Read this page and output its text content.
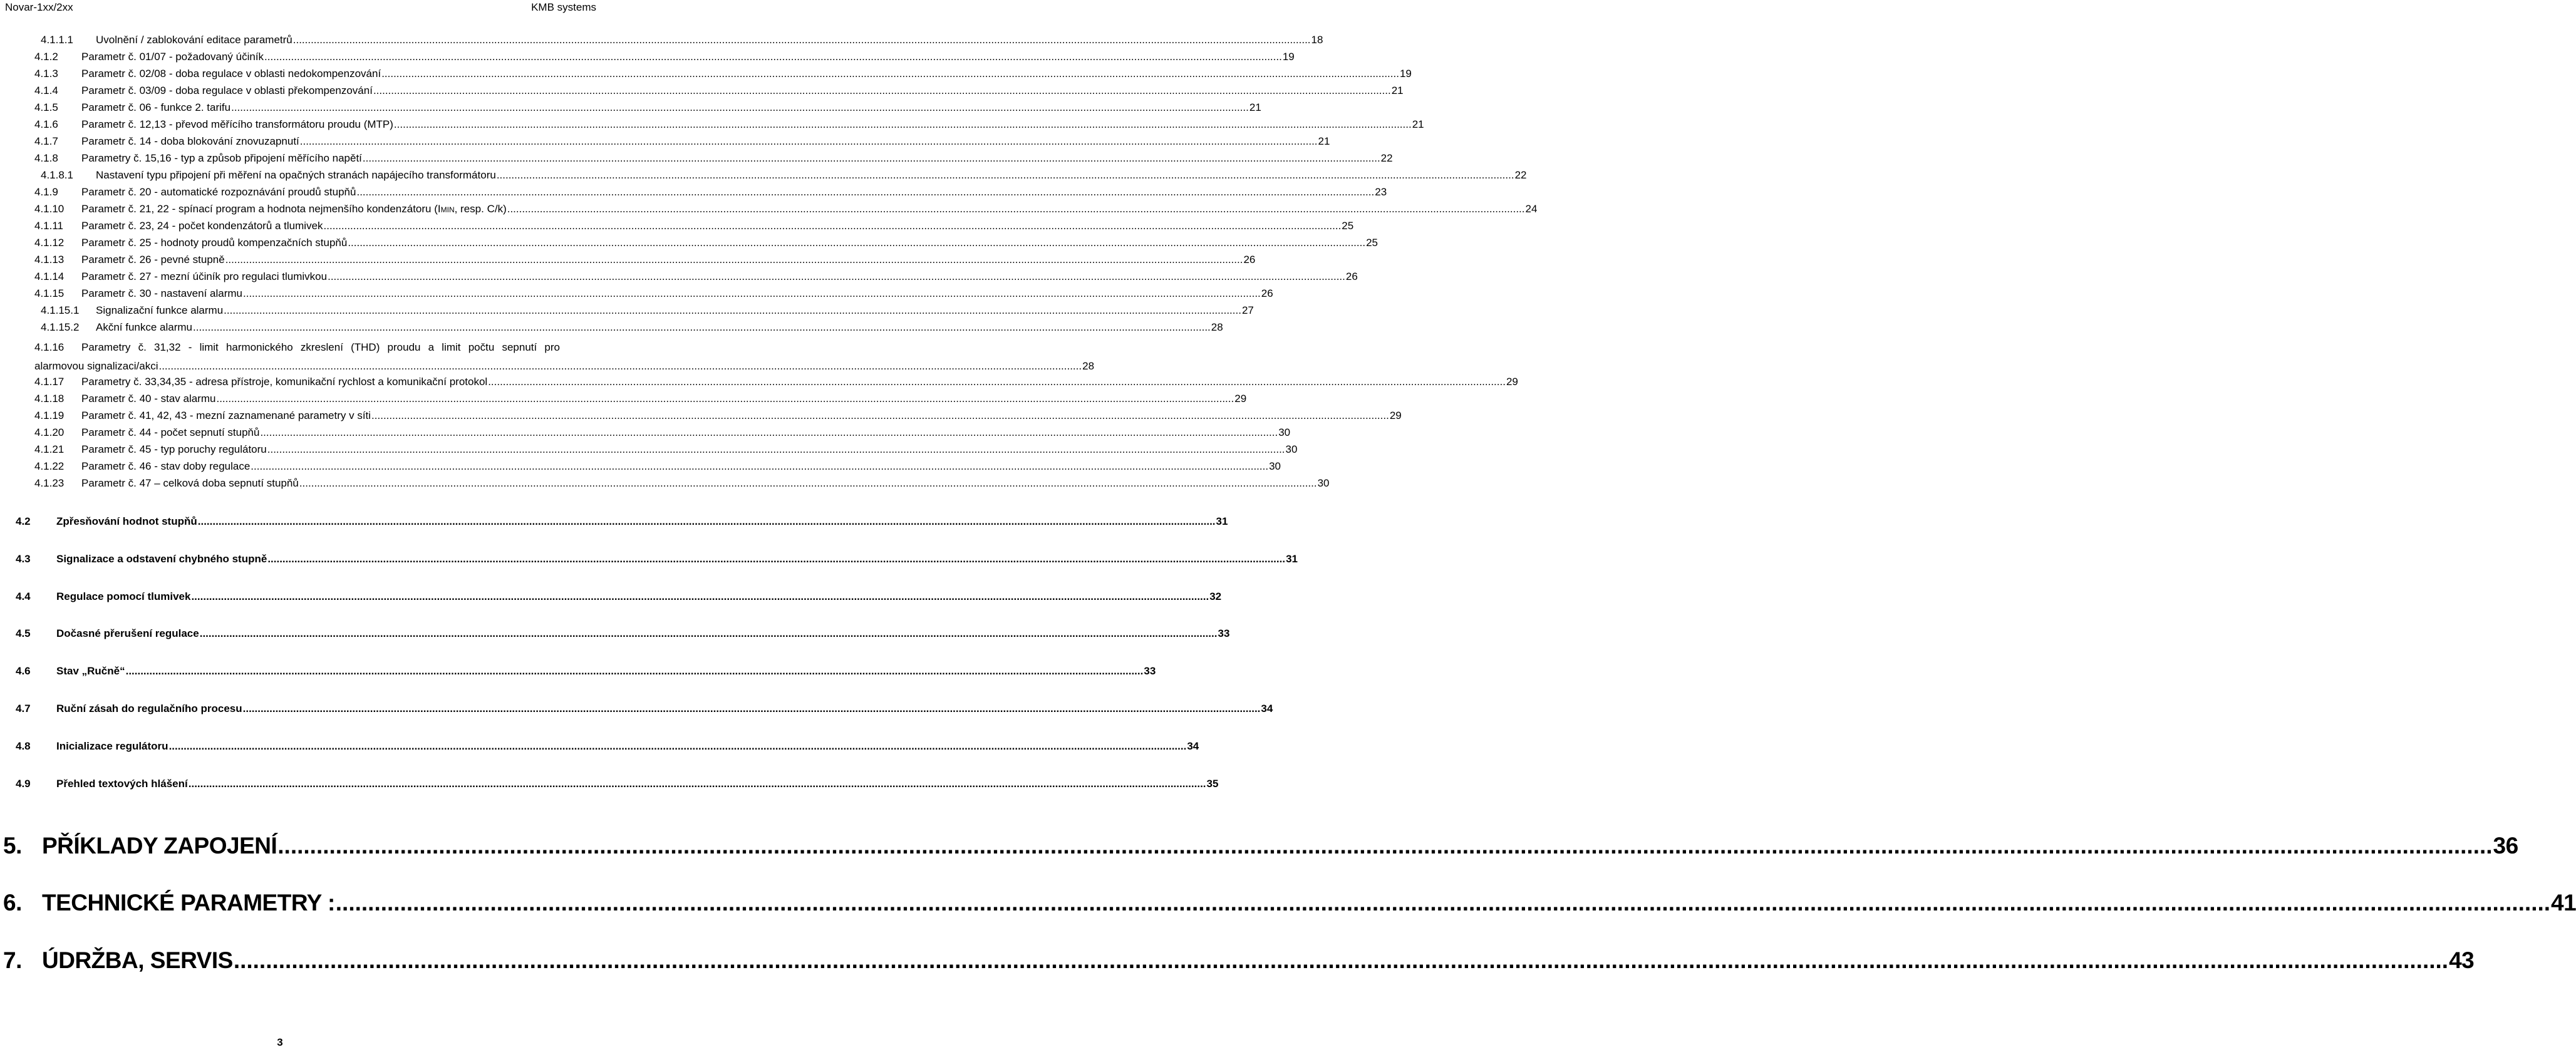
Novar-1xx/2xx	KMB systems
4.1.1.1	Uvolnění / zablokování editace parametrů .....	18
4.1.2	Parametr č. 01/07 - požadovaný účiník .....	19
4.1.3	Parametr č. 02/08 - doba regulace v oblasti nedokompenzování .....	19
4.1.4	Parametr č. 03/09 - doba regulace v oblasti překompenzování .....	21
4.1.5	Parametr č. 06 - funkce 2. tarifu .....	21
4.1.6	Parametr č. 12,13 - převod měřícího transformátoru proudu (MTP) .....	21
4.1.7	Parametr č. 14 - doba blokování znovuzapnutí .....	21
4.1.8	Parametry č. 15,16 - typ a způsob připojení měřícího napětí .....	22
4.1.8.1	Nastavení typu připojení při měření na opačných stranách napájecího transformátoru .....	22
4.1.9	Parametr č. 20 - automatické rozpoznávání proudů stupňů .....	23
4.1.10	Parametr č. 21, 22 - spínací program a hodnota nejmenšího kondenzátoru (IMIN, resp. C/k) .....	24
4.1.11	Parametr č. 23, 24 - počet kondenzátorů a tlumivek .....	25
4.1.12	Parametr č. 25 - hodnoty proudů kompenzačních stupňů .....	25
4.1.13	Parametr č. 26 - pevné stupně .....	26
4.1.14	Parametr č. 27 - mezní účiník pro regulaci tlumivkou .....	26
4.1.15	Parametr č. 30 - nastavení alarmu .....	26
4.1.15.1	Signalizační funkce alarmu .....	27
4.1.15.2	Akční funkce alarmu .....	28
4.1.16	Parametry č. 31,32 - limit harmonického zkreslení (THD) proudu a limit počtu sepnutí pro
alarmovou signalizaci/akci .....	28
4.1.17	Parametry č. 33,34,35 - adresa přístroje, komunikační rychlost a komunikační protokol .....	29
4.1.18	Parametr č. 40 - stav alarmu .....	29
4.1.19	Parametr č. 41, 42, 43 - mezní zaznamenané parametry v síti .....	29
4.1.20	Parametr č. 44 - počet sepnutí stupňů .....	30
4.1.21	Parametr č. 45 - typ poruchy regulátoru .....	30
4.1.22	Parametr č. 46 - stav doby regulace .....	30
4.1.23	Parametr č. 47 – celková doba sepnutí stupňů .....	30
4.2	Zpřesňování hodnot stupňů .....	31
4.3	Signalizace a odstavení chybného stupně .....	31
4.4	Regulace pomocí tlumivek .....	32
4.5	Dočasné přerušení regulace .....	33
4.6	Stav „Ručně“ .....	33
4.7	Ruční zásah do regulačního procesu .....	34
4.8	Inicializace regulátoru .....	34
4.9	Přehled textových hlášení .....	35
5. PŘÍKLADY ZAPOJENÍ .....	36
6. TECHNICKÉ PARAMETRY : .....	41
7. ÚDRŽBA, SERVIS .....	43
3
